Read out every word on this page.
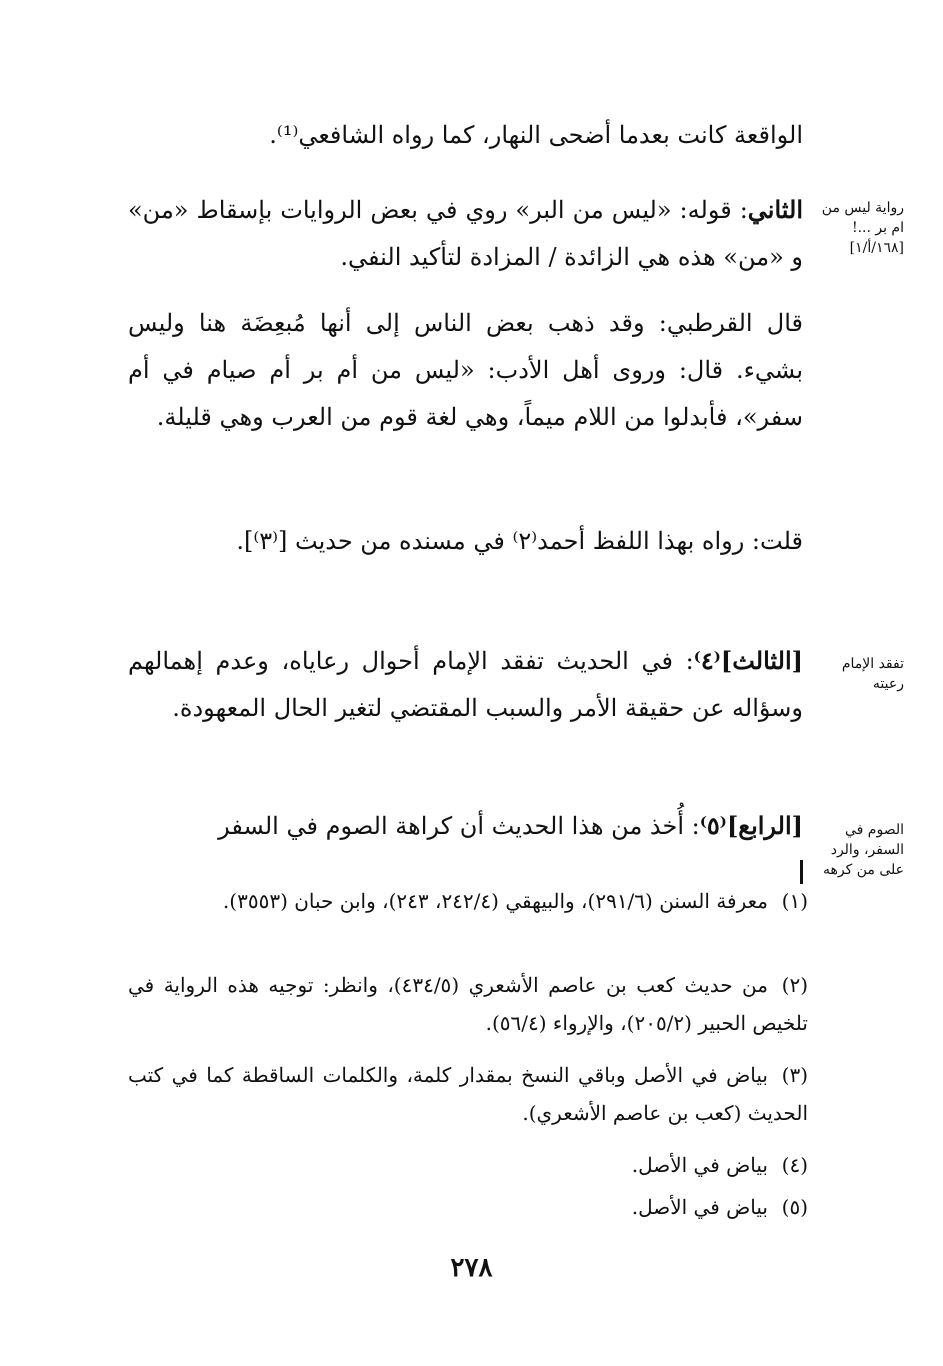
الواقعة كانت بعدما أضحى النهار، كما رواه الشافعي⁽¹⁾.
الثاني: قوله: «ليس من البر» روي في بعض الروايات بإسقاط «من» و «من» هذه هي الزائدة / المزادة لتأكيد النفي.
رواية ليس من ام بر ...!
[١٦٨/أ/١]
قال القرطبي: وقد ذهب بعض الناس إلى أنها مُبعِضَة هنا وليس بشيء. قال: وروى أهل الأدب: «ليس من أم بر أم صيام في أم سفر»، فأبدلوا من اللام ميماً، وهي لغة قوم من العرب وهي قليلة.
قلت: رواه بهذا اللفظ أحمد⁽٢⁾ في مسنده من حديث [⁽٣⁾].
[الثالث]⁽٤⁾: في الحديث تفقد الإمام أحوال رعاياه، وعدم إهمالهم وسؤاله عن حقيقة الأمر والسبب المقتضي لتغير الحال المعهودة.
تفقد الإمام رعيته
[الرابع]⁽٥⁾: أُخذ من هذا الحديث أن كراهة الصوم في السفر	الصوم في السفر، والرد على من كرهه
(١)معرفة السنن (٢٩١/٦)، والبيهقي (٢٤٢/٤، ٢٤٣)، وابن حبان (٣٥٥٣).
(٢)من حديث كعب بن عاصم الأشعري (٤٣٤/٥)، وانظر: توجيه هذه الرواية في تلخيص الحبير (٢٠٥/٢)، والإرواء (٥٦/٤).
(٣)بياض في الأصل وباقي النسخ بمقدار كلمة، والكلمات الساقطة كما في كتب الحديث (كعب بن عاصم الأشعري).
(٤)بياض في الأصل.
(٥)بياض في الأصل.
٢٧٨
